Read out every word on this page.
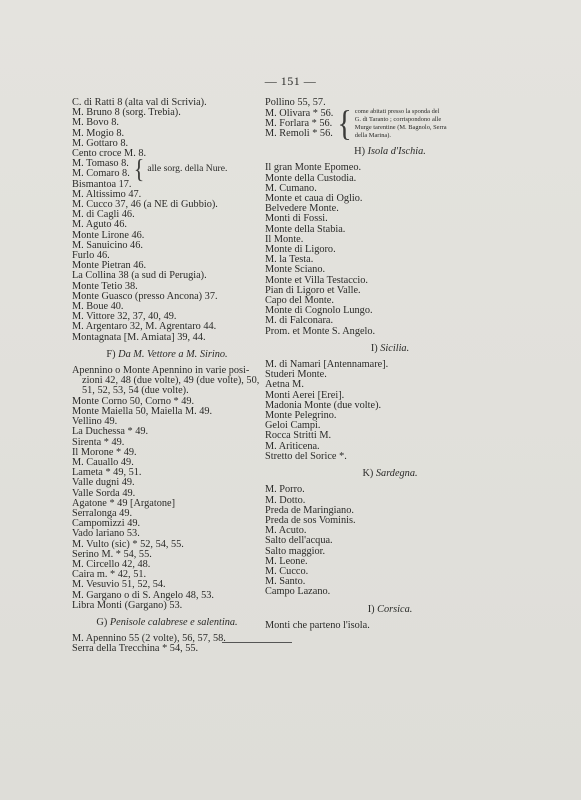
— 151 —
C. di Ratti 8 (alta val di Scrivia).
M. Bruno 8 (sorg. Trebia).
M. Bovo 8.
M. Mogio 8.
M. Gottaro 8.
Cento croce M. 8.
M. Tomaso 8.
M. Comaro 8. { alle sorg. della Nure.
Bismantoa 17.
M. Altissimo 47.
M. Cucco 37, 46 (a NE di Gubbio).
M. di Cagli 46.
M. Aguto 46.
Monte Lirone 46.
M. Sanuicino 46.
Furlo 46.
Monte Pietran 46.
La Collina 38 (a sud di Perugia).
Monte Tetio 38.
Monte Guasco (presso Ancona) 37.
M. Boue 40.
M. Vittore 32, 37, 40, 49.
M. Argentaro 32, M. Agrentaro 44.
Montagnata [M. Amiata] 39, 44.
F) Da M. Vettore a M. Sirino.
Apennino o Monte Apennino in varie posi-
zioni 42, 48 (due volte), 49 (due volte), 50,
51, 52, 53, 54 (due volte).
Monte Corno 50, Corno * 49.
Monte Maiella 50, Maiella M. 49.
Vellino 49.
La Duchessa * 49.
Sirenta * 49.
Il Morone * 49.
M. Cauallo 49.
Lameta * 49, 51.
Valle dugni 49.
Valle Sorda 49.
Agatone * 49 [Argatone]
Serralonga 49.
Campomizzi 49.
Vado lariano 53.
M. Vulto (sic) * 52, 54, 55.
Serino M. * 54, 55.
M. Circello 42, 48.
Caira m. * 42, 51.
M. Vesuvio 51, 52, 54.
M. Gargano o di S. Angelo 48, 53.
Libra Monti (Gargano) 53.
G) Penisole calabrese e salentina.
M. Apennino 55 (2 volte), 56, 57, 58.
Serra della Trecchina * 54, 55.
Pollino 55, 57.
M. Olivara * 56.
M. Forlara * 56.
M. Remoli * 56. { come abitati presso la sponda del
G. di Taranto ; corrispondono alle
Murge tarentine (M. Bagnolo, Serra
della Marina).
H) Isola d'Ischia.
Il gran Monte Epomeo.
Monte della Custodia.
M. Cumano.
Monte et caua di Oglio.
Belvedere Monte.
Monti di Fossi.
Monte della Stabia.
Il Monte.
Monte di Ligoro.
M. la Testa.
Monte Sciano.
Monte et Villa Testaccio.
Pian di Ligoro et Valle.
Capo del Monte.
Monte di Cognolo Lungo.
M. di Falconara.
Prom. et Monte S. Angelo.
I) Sicilia.
M. di Namari [Antennamare].
Studeri Monte.
Aetna M.
Monti Aerei [Erei].
Madonia Monte (due volte).
Monte Pelegrino.
Geloi Campi.
Rocca Stritti M.
M. Ariticena.
Stretto del Sorice *.
K) Sardegna.
M. Porro.
M. Dotto.
Preda de Maringiano.
Preda de sos Vominis.
M. Acuto.
Salto dell'acqua.
Salto maggior.
M. Leone.
M. Cucco.
M. Santo.
Campo Lazano.
I) Corsica.
Monti che parteno l'isola.
